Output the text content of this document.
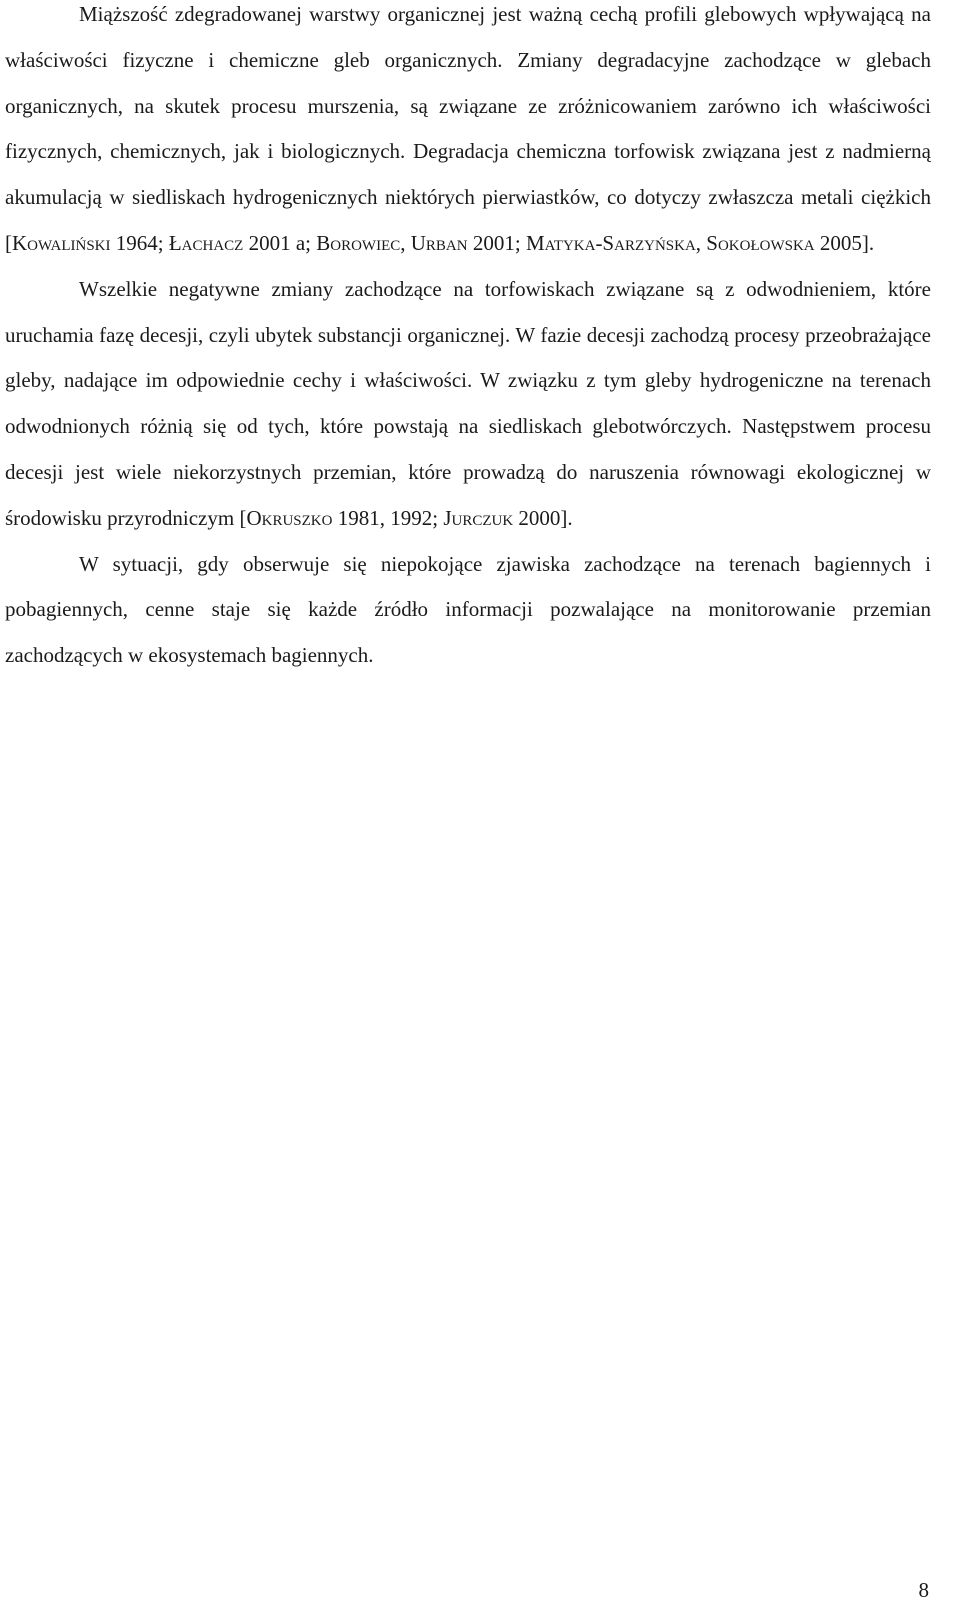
Miąższość zdegradowanej warstwy organicznej jest ważną cechą profili glebowych wpływającą na właściwości fizyczne i chemiczne gleb organicznych. Zmiany degradacyjne zachodzące w glebach organicznych, na skutek procesu murszenia, są związane ze zróżnicowaniem zarówno ich właściwości fizycznych, chemicznych, jak i biologicznych. Degradacja chemiczna torfowisk związana jest z nadmierną akumulacją w siedliskach hydrogenicznych niektórych pierwiastków, co dotyczy zwłaszcza metali ciężkich [Kowaliński 1964; Łachacz 2001 a; Borowiec, Urban 2001; Matyka-Sarzyńska, Sokołowska 2005].

Wszelkie negatywne zmiany zachodzące na torfowiskach związane są z odwodnieniem, które uruchamia fazę decesji, czyli ubytek substancji organicznej. W fazie decesji zachodzą procesy przeobrażające gleby, nadające im odpowiednie cechy i właściwości. W związku z tym gleby hydrogeniczne na terenach odwodnionych różnią się od tych, które powstają na siedliskach glebotwórczych. Następstwem procesu decesji jest wiele niekorzystnych przemian, które prowadzą do naruszenia równowagi ekologicznej w środowisku przyrodniczym [Okruszko 1981, 1992; Jurczuk 2000].

W sytuacji, gdy obserwuje się niepokojące zjawiska zachodzące na terenach bagiennych i pobagiennych, cenne staje się każde źródło informacji pozwalające na monitorowanie przemian zachodzących w ekosystemach bagiennych.

8
